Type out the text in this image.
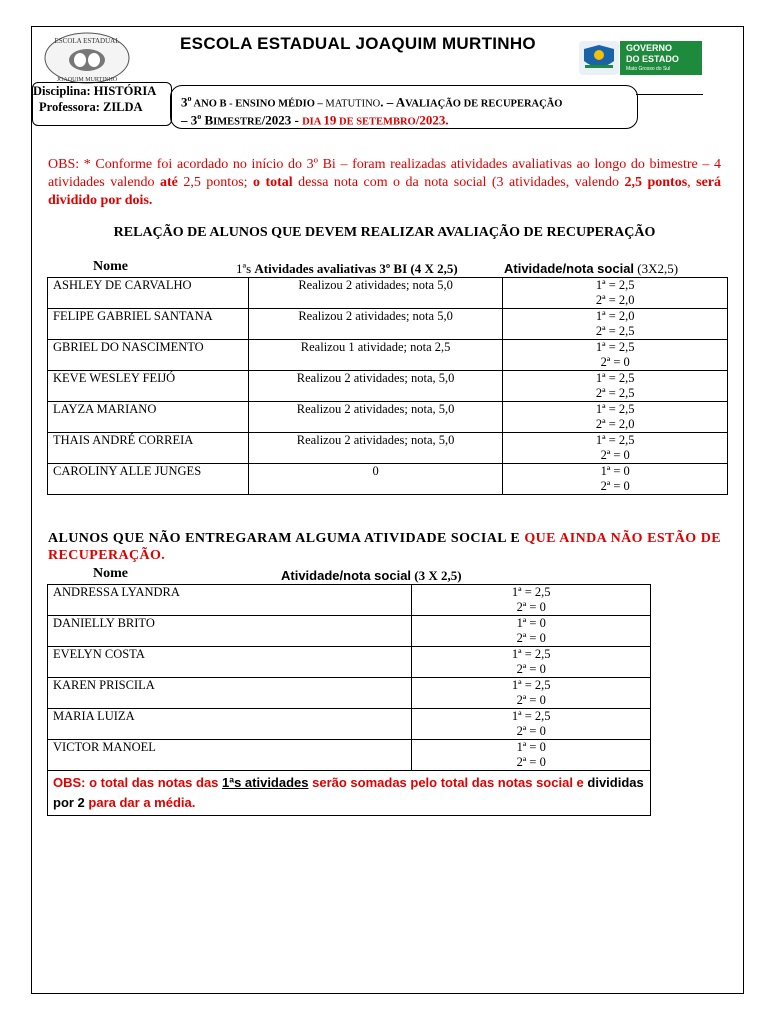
ESCOLA ESTADUAL
JOAQUIM MURTINHO
ESCOLA ESTADUAL JOAQUIM MURTINHO	GOVERNO
DO ESTADO
Mato Grosso do Sul
Disciplina: HISTÓRIA
Professora: ZILDA	3$^o$ ANO B - ENSINO MÉDIO – MATUTINO. – AVALIAÇÃO DE RECUPERAÇÃO
– 3$^o$ BIMESTRE/2023 - DIA 19 DE SETEMBRO/2023.
OBS: * Conforme foi acordado no início do 3º Bi – foram realizadas atividades avaliativas ao longo do bimestre – 4 atividades valendo até 2,5 pontos; o total dessa nota com o da nota social (3 atividades, valendo 2,5 pontos, será dividido por dois.
RELAÇÃO DE ALUNOS QUE DEVEM REALIZAR AVALIAÇÃO DE RECUPERAÇÃO
Nome	1ªs Atividades avaliativas 3º BI (4 X 2,5)	Atividade/nota social (3X2,5)
ASHLEY DE CARVALHO	Realizou 2 atividades; nota 5,0	1ª = 2,5
2ª = 2,0

FELIPE GABRIEL SANTANA	Realizou 2 atividades; nota 5,0	1ª = 2,0
2ª = 2,5

GBRIEL DO NASCIMENTO	Realizou 1 atividade; nota 2,5	1ª = 2,5
2ª = 0

KEVE WESLEY FEIJÓ	Realizou 2 atividades; nota, 5,0	1ª = 2,5
2ª = 2,5

LAYZA MARIANO	Realizou 2 atividades; nota, 5,0	1ª = 2,5
2ª = 2,0

THAIS ANDRÉ CORREIA	Realizou 2 atividades; nota, 5,0	1ª = 2,5
2ª = 0

CAROLINY ALLE JUNGES	0	1ª = 0
2ª = 0
ALUNOS QUE NÃO ENTREGARAM ALGUMA ATIVIDADE SOCIAL E QUE AINDA NÃO ESTÃO DE RECUPERAÇÃO.
Nome	Atividade/nota social (3 X 2,5)
ANDRESSA LYANDRA	1ª = 2,5
2ª = 0

DANIELLY BRITO	1ª = 0
2ª = 0

EVELYN COSTA	1ª = 2,5
2ª = 0

KAREN PRISCILA	1ª = 2,5
2ª = 0

MARIA LUIZA	1ª = 2,5
2ª = 0

VICTOR MANOEL	1ª = 0
2ª = 0

OBS: o total das notas das 1ªs atividades serão somadas pelo total das notas social e divididas por 2 para dar a média.	
